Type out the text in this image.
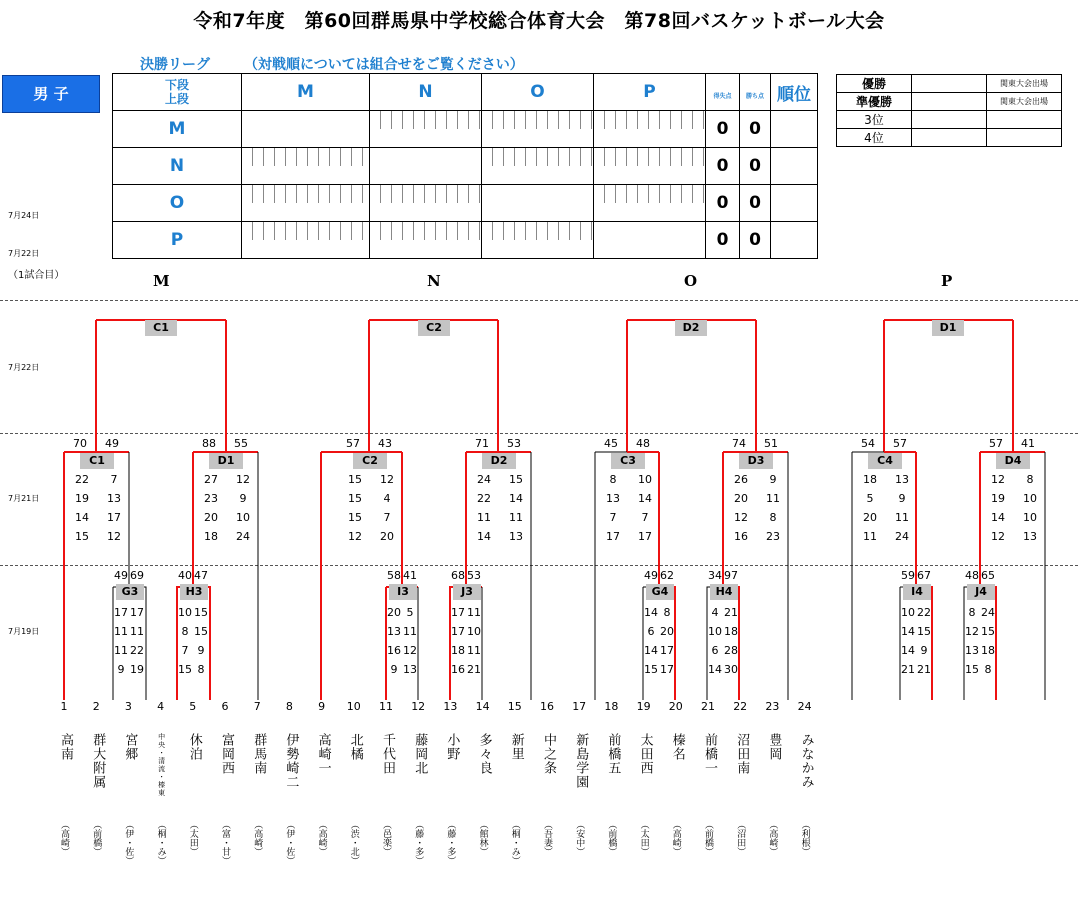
令和7年度　第60回群馬県中学校総合体育大会　第78回バスケットボール大会
決勝リーグ （対戦順については組合せをご覧ください）
男 子	下段
上段	M	N	O	P	得失点	勝ち点	順位
M					0	0	
N					0	0	
O					0	0	
P					0	0	
優勝		関東大会出場
準優勝		関東大会出場
3位		
4位		
7月24日
7月22日
（1試合目）
7月22日
7月21日
7月19日
M	N	O	P
C1	C2	D2	D1
70 49
C1
22	7
19 13
14 17
15 12
88 55
D1
27 12
23	9
20 10
18 24
57 43
C2
15 12
15	4
15	7
12 20
71 53
D2
24 15
22 14
11 11
14 13
45 48
C3
8	10
13 14
7	7
17 17
74 51
D3
26	9
20 11
12	8
16 23
54 57
C4
18 13
5	9
20 11
11 24
57 41
D4
12	8
19 10
14 10
12 13
49 69
G3
17 17
11 11
11 22
9 19
40 47
H3
10 15
8 15
7 9
15 8
58 41
I3
20 5
13 11
16 12
9 13
68 53
J3
17 11
17 10
18 11
16 21
49 62
G4
14 8
6 20
14 17
15 17
34 97
H4
4 21
10 18
6 28
14 30
59 67
I4
10 22
14 15
14 9
21 21
48 65
J4
8 24
12 15
13 18
15 8
1
高南
（高崎）
2
群大附属
（前橋）
3
宮郷
（伊・佐）
4
中央・清流・榛東
（桐・み）
5
休泊
（太田）
6
富岡西
（富・甘）
7
群馬南
（高崎）
8
伊勢崎二
（伊・佐）
9
高崎一
（高崎）
10
北橘
（渋・北）
11
千代田
（邑楽）
12
藤岡北
（藤・多）
13
小野
（藤・多）
14
多々良
（館林）
15
新里
（桐・み）
16
中之条
（吾妻）
17
新島学園
（安中）
18
前橋五
（前橋）
19
太田西
（太田）
20
榛名
（高崎）
21
前橋一
（前橋）
22
沼田南
（沼田）
23
豊岡
（高崎）
24
みなかみ
（利根）
